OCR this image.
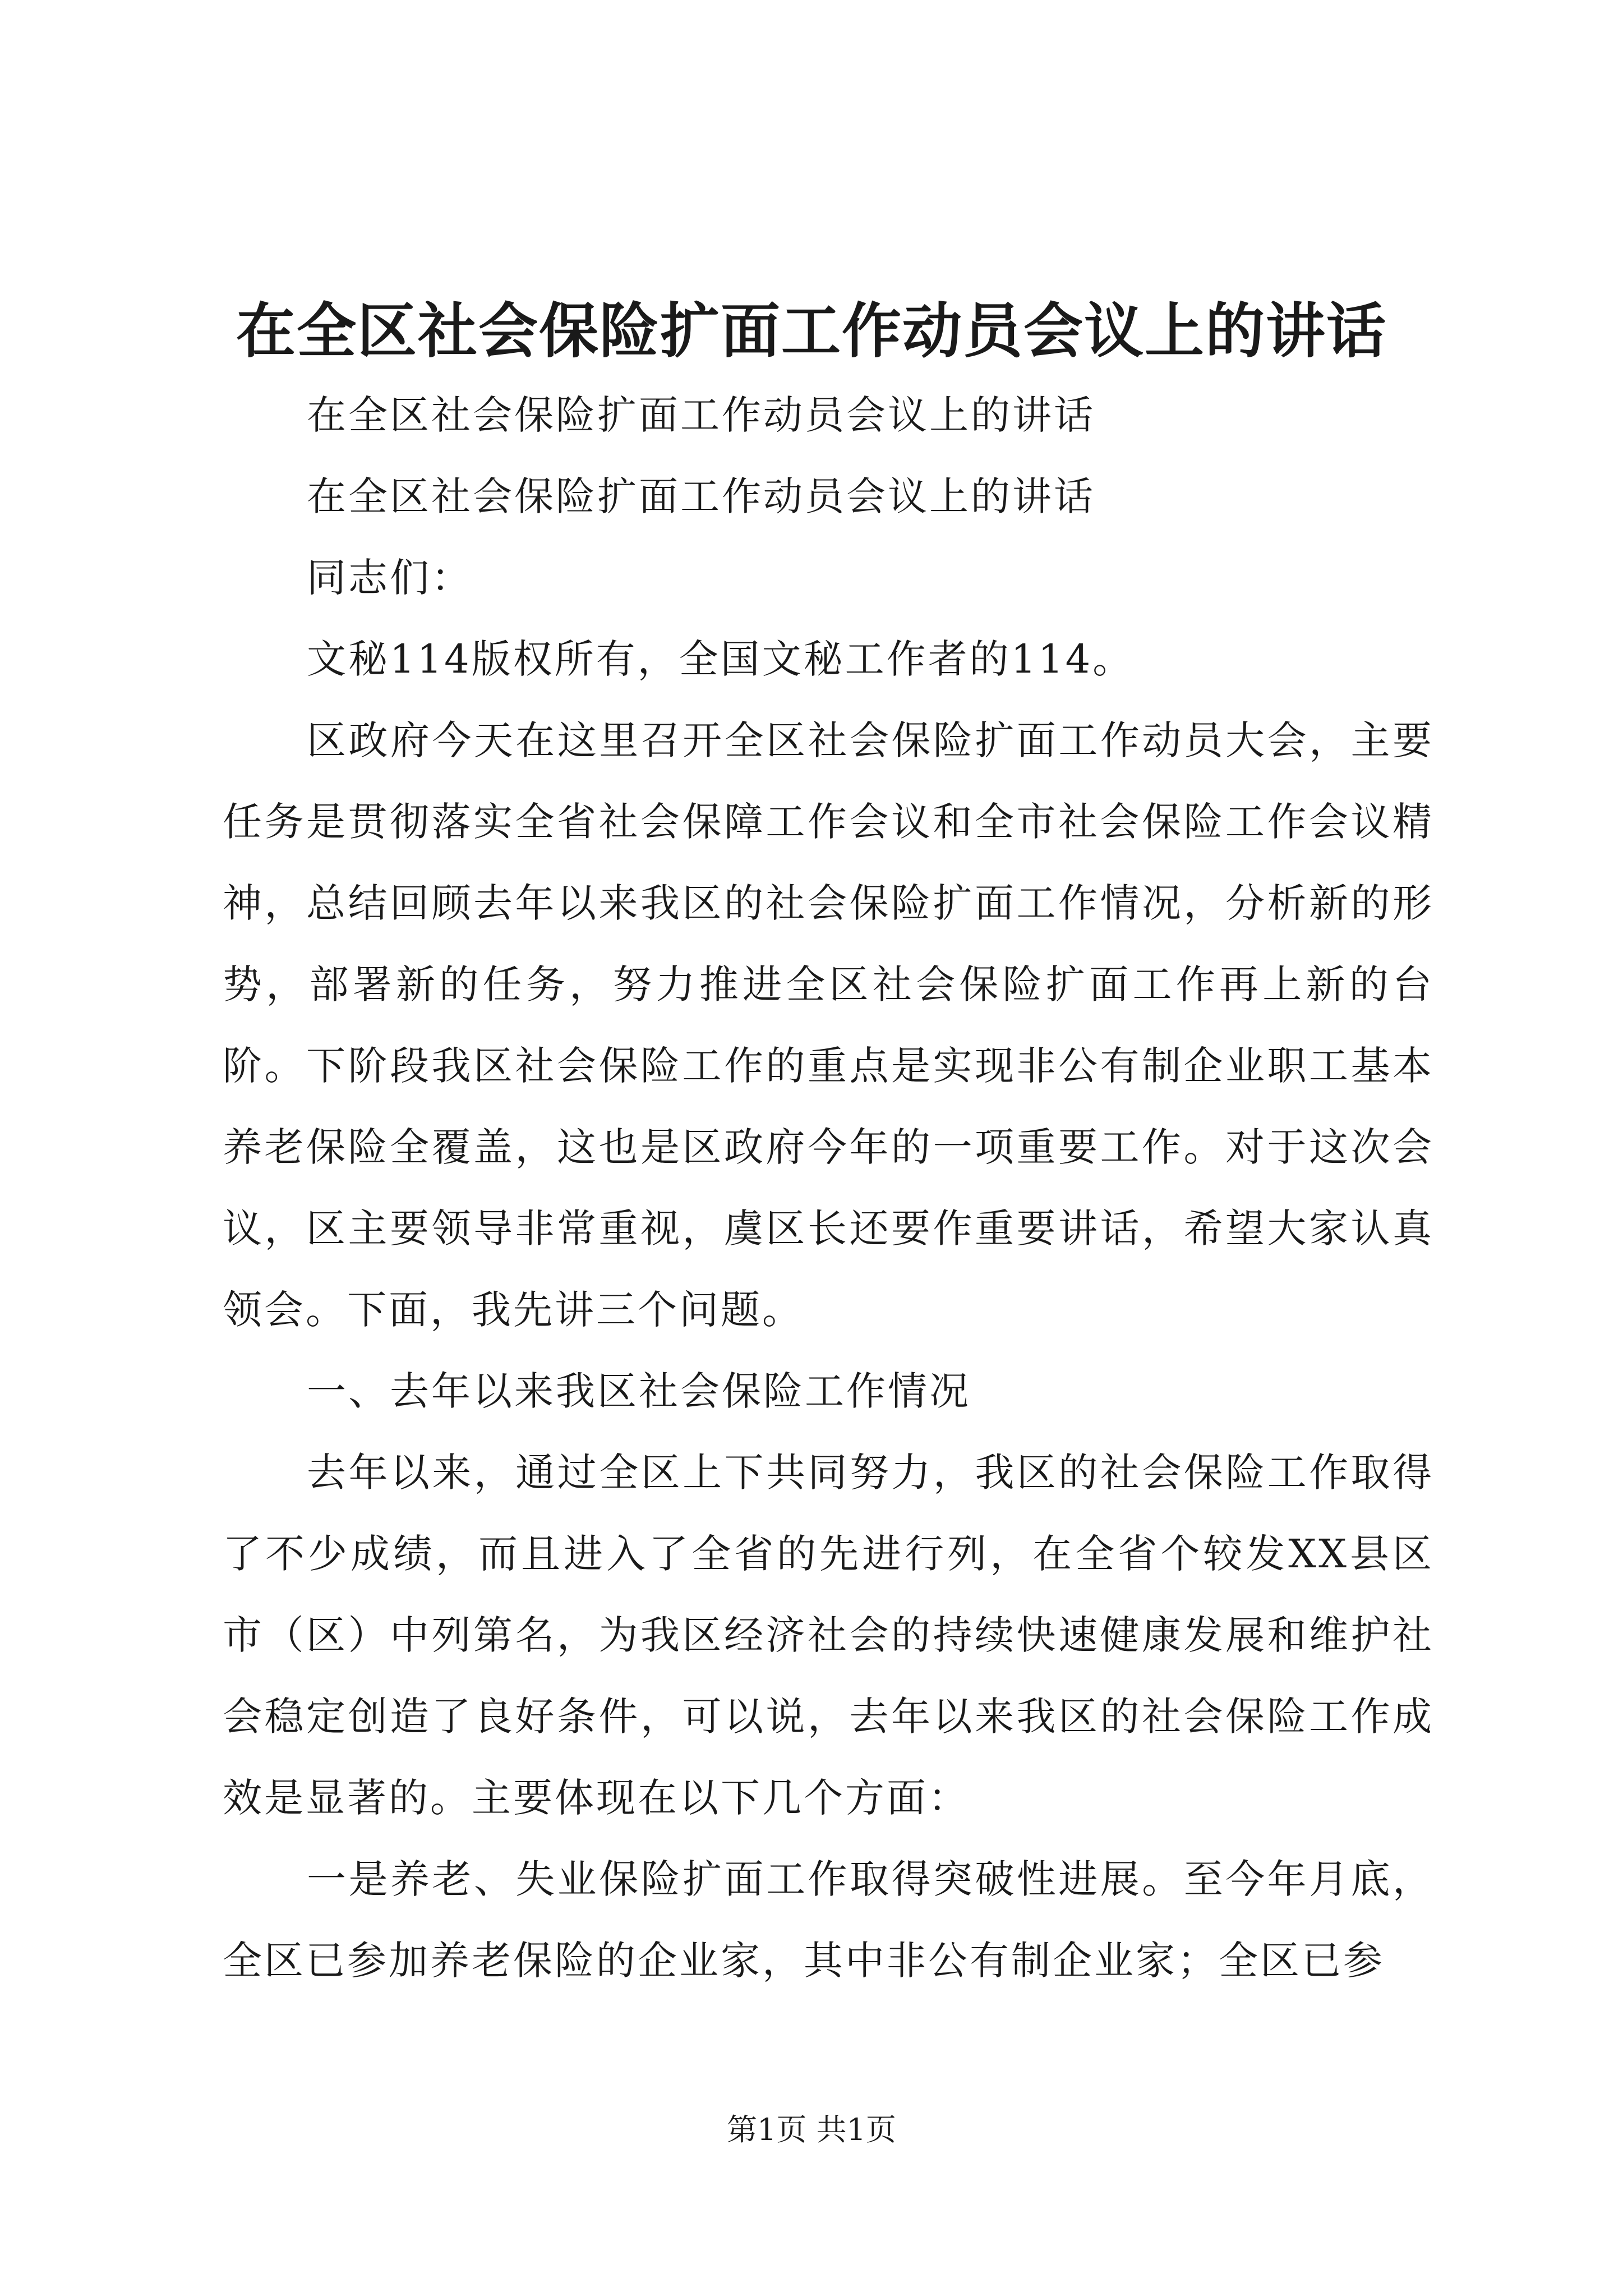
在全区社会保险扩面工作动员会议上的讲话

在全区社会保险扩面工作动员会议上的讲话

在全区社会保险扩面工作动员会议上的讲话

同志们：

文秘114版权所有，全国文秘工作者的114。

区政府今天在这里召开全区社会保险扩面工作动员大会，主要任务是贯彻落实全省社会保障工作会议和全市社会保险工作会议精神，总结回顾去年以来我区的社会保险扩面工作情况，分析新的形势，部署新的任务，努力推进全区社会保险扩面工作再上新的台阶。下阶段我区社会保险工作的重点是实现非公有制企业职工基本养老保险全覆盖，这也是区政府今年的一项重要工作。对于这次会议，区主要领导非常重视，虞区长还要作重要讲话，希望大家认真领会。下面，我先讲三个问题。

一、去年以来我区社会保险工作情况

去年以来，通过全区上下共同努力，我区的社会保险工作取得了不少成绩，而且进入了全省的先进行列，在全省个较发XX县区市（区）中列第名，为我区经济社会的持续快速健康发展和维护社会稳定创造了良好条件，可以说，去年以来我区的社会保险工作成效是显著的。主要体现在以下几个方面：

一是养老、失业保险扩面工作取得突破性进展。至今年月底，全区已参加养老保险的企业家，其中非公有制企业家；全区已参

第1页 共1页
